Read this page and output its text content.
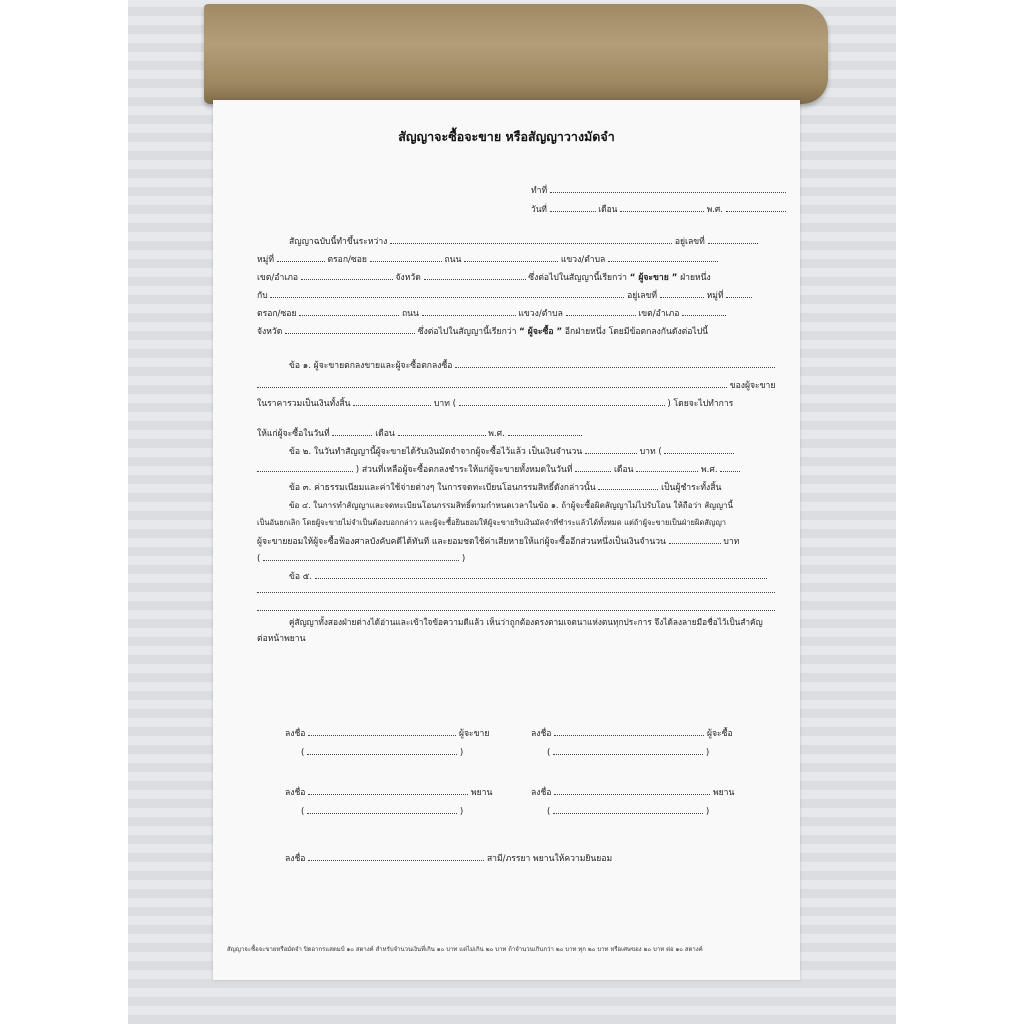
สัญญาจะซื้อจะขาย หรือสัญญาวางมัดจำ
ทำที่
วันที่	เดือน	พ.ศ.
สัญญาฉบับนี้ทำขึ้นระหว่าง	อยู่เลขที่
หมู่ที่	ตรอก/ซอย	ถนน	แขวง/ตำบล
เขต/อำเภอ	จังหวัด	ซึ่งต่อไปในสัญญานี้เรียกว่า “ ผู้จะขาย ” ฝ่ายหนึ่ง
กับ	อยู่เลขที่	หมู่ที่
ตรอก/ซอย	ถนน	แขวง/ตำบล	เขต/อำเภอ
จังหวัด	ซึ่งต่อไปในสัญญานี้เรียกว่า “ ผู้จะซื้อ ” อีกฝ่ายหนึ่ง โดยมีข้อตกลงกันดังต่อไปนี้
ข้อ ๑. ผู้จะขายตกลงขายและผู้จะซื้อตกลงซื้อ
ของผู้จะขาย
ในราคารวมเป็นเงินทั้งสิ้น	บาท (	) โดยจะไปทำการ
ให้แก่ผู้จะซื้อในวันที่	เดือน	พ.ศ.
ข้อ ๒. ในวันทำสัญญานี้ผู้จะขายได้รับเงินมัดจำจากผู้จะซื้อไว้แล้ว เป็นเงินจำนวน	บาท (
) ส่วนที่เหลือผู้จะซื้อตกลงชำระให้แก่ผู้จะขายทั้งหมดในวันที่	เดือน	พ.ศ.
ข้อ ๓. ค่าธรรมเนียมและค่าใช้จ่ายต่างๆ ในการจดทะเบียนโอนกรรมสิทธิ์ดังกล่าวนั้น	เป็นผู้ชำระทั้งสิ้น
ข้อ ๔. ในการทำสัญญาและจดทะเบียนโอนกรรมสิทธิ์ตามกำหนดเวลาในข้อ ๑. ถ้าผู้จะซื้อผิดสัญญาไม่ไปรับโอน ให้ถือว่า สัญญานี้
เป็นอันยกเลิก โดยผู้จะขายไม่จำเป็นต้องบอกกล่าว และผู้จะซื้อยินยอมให้ผู้จะขายริบเงินมัดจำที่ชำระแล้วได้ทั้งหมด แต่ถ้าผู้จะขายเป็นฝ่ายผิดสัญญา
ผู้จะขายยอมให้ผู้จะซื้อฟ้องศาลบังคับคดีได้ทันที และยอมชดใช้ค่าเสียหายให้แก่ผู้จะซื้ออีกส่วนหนึ่งเป็นเงินจำนวน	บาท
(	)
ข้อ ๕.
คู่สัญญาทั้งสองฝ่ายต่างได้อ่านและเข้าใจข้อความดีแล้ว เห็นว่าถูกต้องตรงตามเจตนาแห่งตนทุกประการ จึงได้ลงลายมือชื่อไว้เป็นสำคัญ
ต่อหน้าพยาน
ลงชื่อ	ผู้จะขาย
(	)
ลงชื่อ	ผู้จะซื้อ
(	)
ลงชื่อ	พยาน
(	)
ลงชื่อ	พยาน
(	)
ลงชื่อ	สามี/ภรรยา พยานให้ความยินยอม
สัญญาจะซื้อจะขายหรือมัดจำ ปิดอากรแสตมป์ ๑๐ สตางค์ สำหรับจำนวนเงินที่เกิน ๑๐ บาท แต่ไม่เกิน ๒๐ บาท ถ้าจำนวนเกินกว่า ๒๐ บาท ทุก ๒๐ บาท หรือเศษของ ๒๐ บาท ต่อ ๑๐ สตางค์
